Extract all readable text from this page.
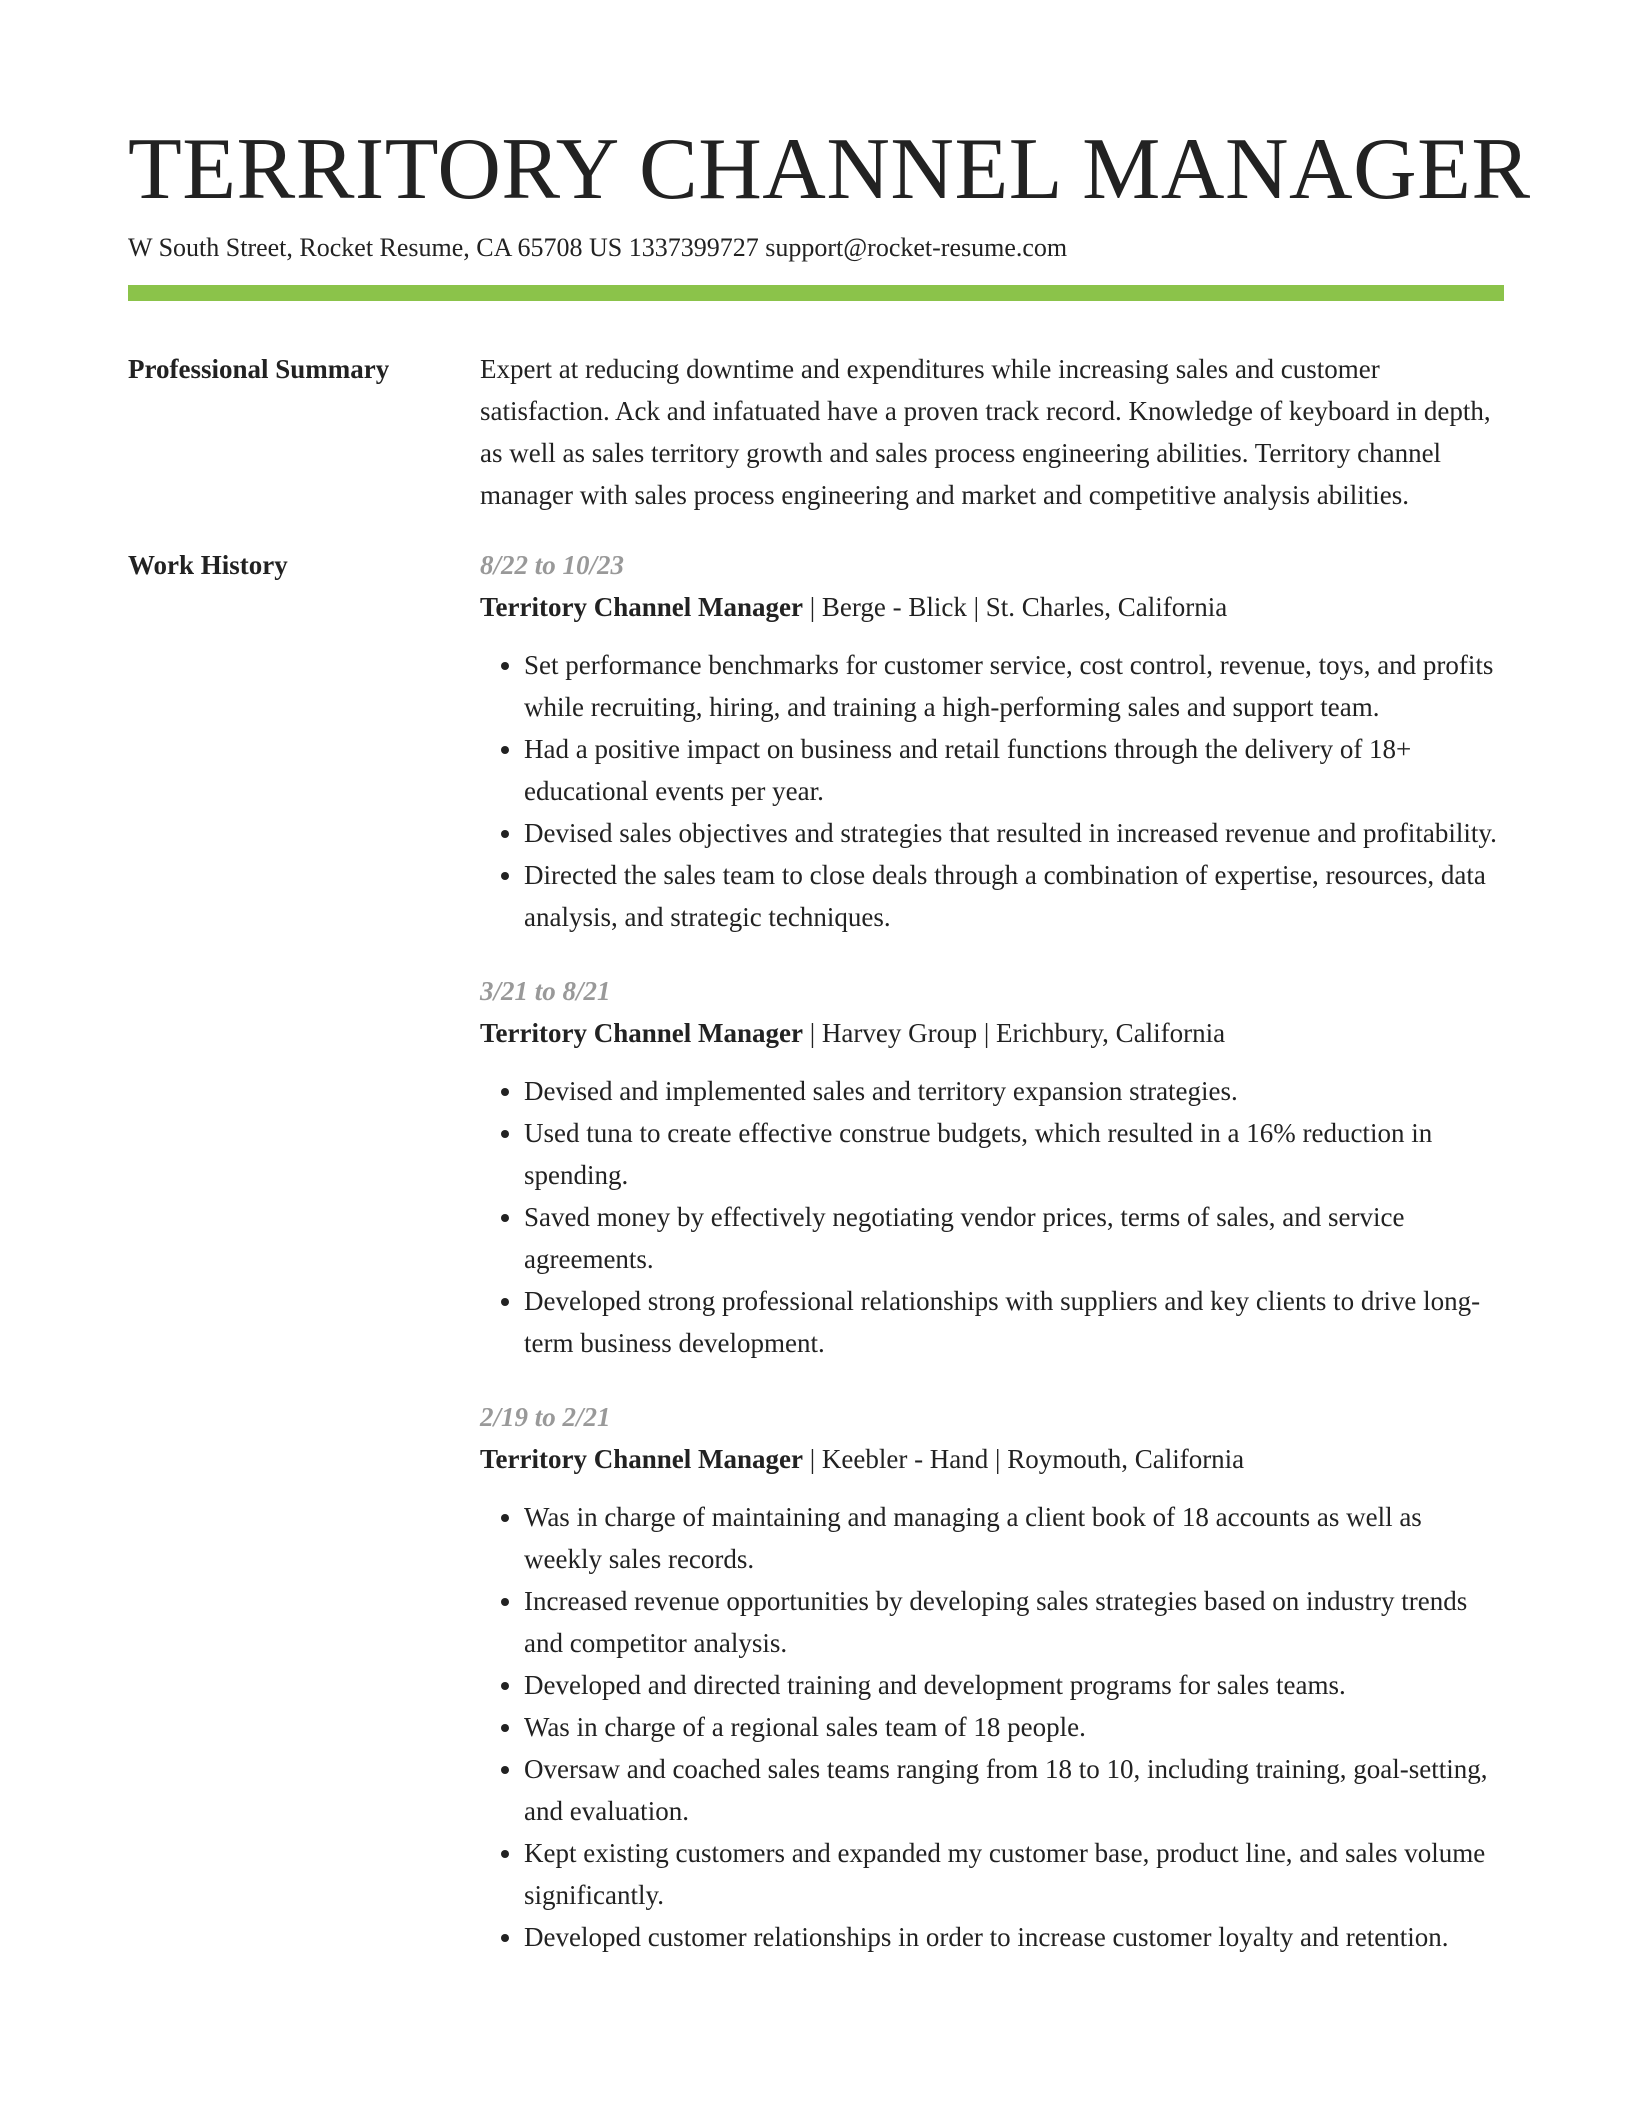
TERRITORY CHANNEL MANAGER
W South Street, Rocket Resume, CA 65708 US 1337399727 support@rocket-resume.com
Professional Summary	Expert at reducing downtime and expenditures while increasing sales and customer satisfaction. Ack and infatuated have a proven track record. Knowledge of keyboard in depth, as well as sales territory growth and sales process engineering abilities. Territory channel manager with sales process engineering and market and competitive analysis abilities.

Work History	8/22 to 10/23
Territory Channel Manager | Berge - Blick | St. Charles, California
• Set performance benchmarks for customer service, cost control, revenue, toys, and profits while recruiting, hiring, and training a high-performing sales and support team.
• Had a positive impact on business and retail functions through the delivery of 18+ educational events per year.
• Devised sales objectives and strategies that resulted in increased revenue and profitability.
• Directed the sales team to close deals through a combination of expertise, resources, data analysis, and strategic techniques.
3/21 to 8/21
Territory Channel Manager | Harvey Group | Erichbury, California
• Devised and implemented sales and territory expansion strategies.
• Used tuna to create effective construe budgets, which resulted in a 16% reduction in spending.
• Saved money by effectively negotiating vendor prices, terms of sales, and service agreements.
• Developed strong professional relationships with suppliers and key clients to drive long-term business development.
2/19 to 2/21
Territory Channel Manager | Keebler - Hand | Roymouth, California
• Was in charge of maintaining and managing a client book of 18 accounts as well as weekly sales records.
• Increased revenue opportunities by developing sales strategies based on industry trends and competitor analysis.
• Developed and directed training and development programs for sales teams.
• Was in charge of a regional sales team of 18 people.
• Oversaw and coached sales teams ranging from 18 to 10, including training, goal-setting, and evaluation.
• Kept existing customers and expanded my customer base, product line, and sales volume significantly.
• Developed customer relationships in order to increase customer loyalty and retention.
